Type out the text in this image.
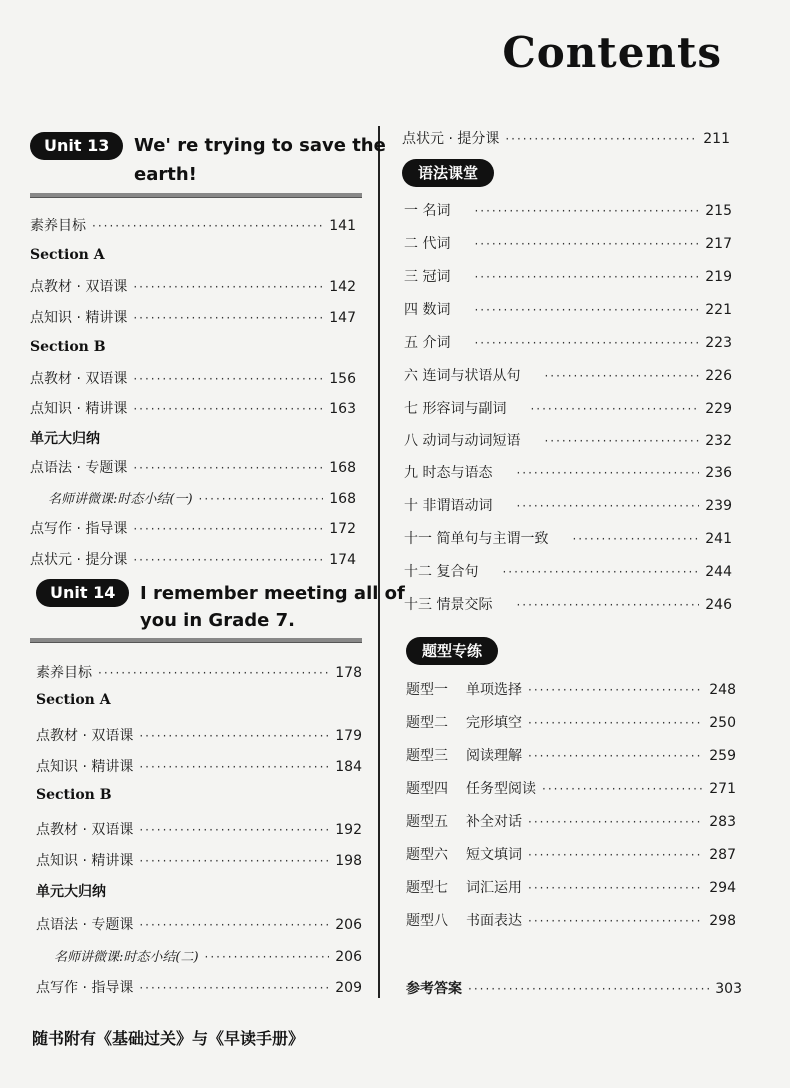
Contents
Unit 13	We' re trying to save the
earth!
素养目标 ·····	141
Section A
点教材 · 双语课 ·····	142
点知识 · 精讲课 ·····	147
Section B
点教材 · 双语课 ·····	156
点知识 · 精讲课 ·····	163
单元大归纳
点语法 · 专题课 ·····	168
名师讲微课:时态小结(一) ·····	168
点写作 · 指导课 ·····	172
点状元 · 提分课 ·····	174
Unit 14	I remember meeting all of
you in Grade 7.
素养目标 ·····	178
Section A
点教材 · 双语课 ·····	179
点知识 · 精讲课 ·····	184
Section B
点教材 · 双语课 ·····	192
点知识 · 精讲课 ·····	198
单元大归纳
点语法 · 专题课 ·····	206
名师讲微课:时态小结(二) ·····	206
点写作 · 指导课 ·····	209
点状元 · 提分课 ·····	211
语法课堂
一 名词 ·····	215
二 代词 ·····	217
三 冠词 ·····	219
四 数词 ·····	221
五 介词 ·····	223
六 连词与状语从句 ·····	226
七 形容词与副词 ·····	229
八 动词与动词短语 ·····	232
九 时态与语态 ·····	236
十 非谓语动词 ·····	239
十一 简单句与主谓一致 ·····	241
十二 复合句 ·····	244
十三 情景交际 ·····	246
题型专练
题型一	单项选择 ·····	248
题型二	完形填空 ·····	250
题型三	阅读理解 ·····	259
题型四	任务型阅读 ·····	271
题型五	补全对话 ·····	283
题型六	短文填词 ·····	287
题型七	词汇运用 ·····	294
题型八	书面表达 ·····	298
参考答案 ·····	303
随书附有《基础过关》与《早读手册》
